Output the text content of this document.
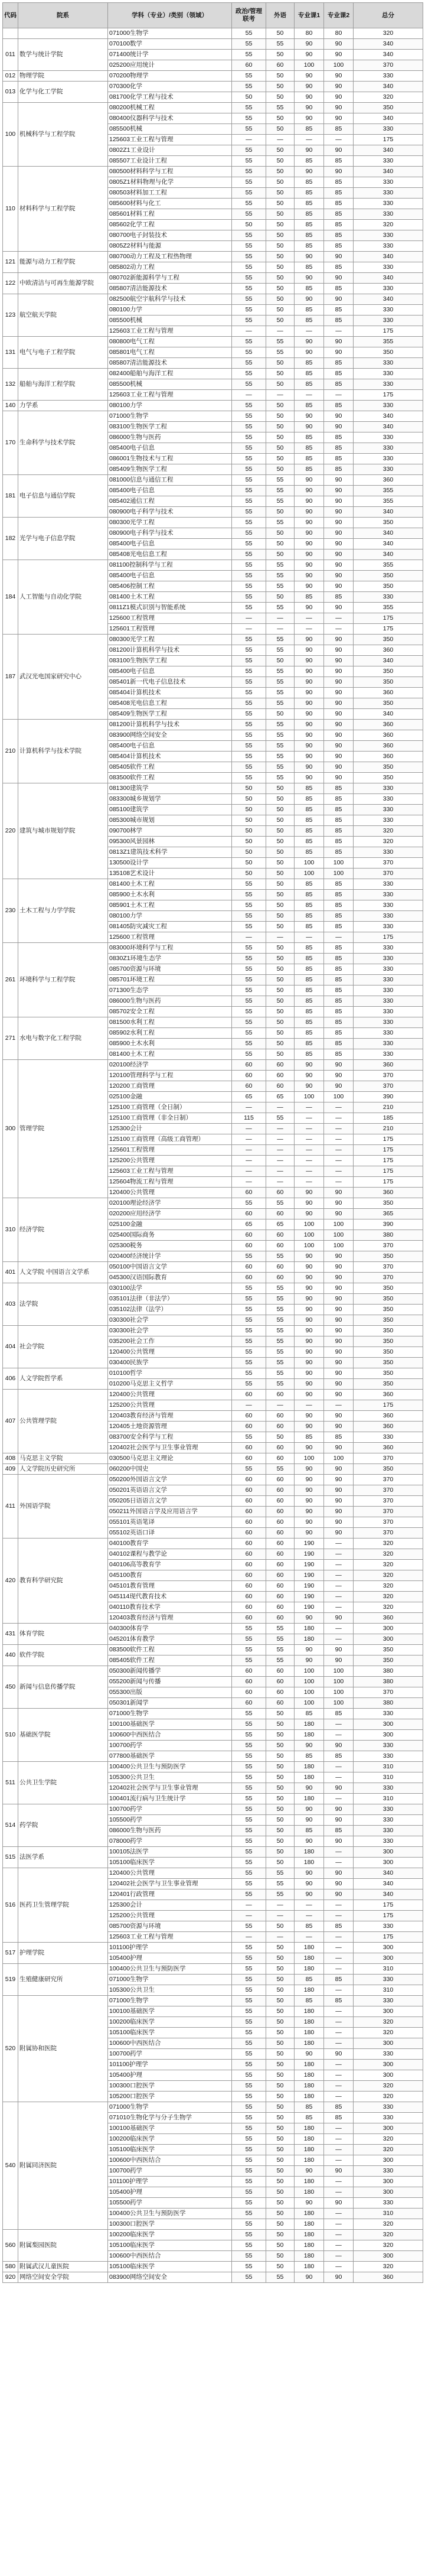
代码	院系	学科（专业）/类别（领域）	政治/管理联考	外语	专业课1	专业课2	总分
		071000生物学	55	50	80	80	320
011	数学与统计学院	070100数学	55	55	90	90	340
		071400统计学	55	50	90	90	340
		025200应用统计	60	60	100	100	370
012	物理学院	070200物理学	55	50	90	90	330
013	化学与化工学院	070300化学	55	50	90	90	340
		081700化学工程与技术	50	50	90	90	320
100	机械科学与工程学院	080200机械工程	55	55	90	90	350
		080400仪器科学与技术	55	50	90	90	340
		085500机械	55	50	85	85	330
		125603工业工程与管理	—	—	—	—	175
		0802Z1工业设计	55	50	90	90	340
		085507工业设计工程	55	50	85	85	330
110	材料科学与工程学院	080500材料科学与工程	55	50	90	90	340
		0805Z1材料物理与化学	55	50	85	85	330
		080503材料加工工程	55	50	85	85	330
		085600材料与化工	55	50	85	85	330
		085601材料工程	55	50	85	85	330
		085602化学工程	50	50	85	85	320
		080700电子封装技术	55	50	85	85	330
		0805Z2材料与能源	55	50	85	85	330
121	能源与动力工程学院	080700动力工程及工程热物理	55	50	90	90	340
		085802动力工程	55	50	85	85	330
122	中欧清洁与可再生能源学院	080702新能源科学与工程	55	50	90	90	340
		085807清洁能源技术	55	50	85	85	330
123	航空航天学院	082500航空宇航科学与技术	55	50	90	90	340
		080100力学	55	50	85	85	330
		085500机械	55	50	85	85	330
		125603工业工程与管理	—	—	—	—	175
131	电气与电子工程学院	080800电气工程	55	55	90	90	355
		085801电气工程	55	55	90	90	350
		085807清洁能源技术	55	50	85	85	330
132	船舶与海洋工程学院	082400船舶与海洋工程	55	50	85	85	330
		085500机械	55	50	85	85	330
		125603工业工程与管理	—	—	—	—	175
140	力学系	080100力学	55	50	85	85	330
170	生命科学与技术学院	071000生物学	55	50	90	90	340
		083100生物医学工程	55	50	90	90	340
		086000生物与医药	55	50	85	85	330
		085400电子信息	55	50	85	85	330
		086001生物技术与工程	55	50	85	85	330
		085409生物医学工程	55	50	85	85	330
181	电子信息与通信学院	081000信息与通信工程	55	55	90	90	360
		085400电子信息	55	55	90	90	355
		085402通信工程	55	55	90	90	355
		080900电子科学与技术	55	50	90	90	340
182	光学与电子信息学院	080300光学工程	55	55	90	90	350
		080900电子科学与技术	55	50	90	90	340
		085400电子信息	55	50	90	90	340
		085408光电信息工程	55	50	90	90	340
184	人工智能与自动化学院	081100控制科学与工程	55	55	90	90	355
		085400电子信息	55	55	90	90	350
		085406控制工程	55	55	90	90	350
		081400土木工程	55	50	85	85	330
		0811Z1模式识别与智能系统	55	55	90	90	355
		125600工程管理	—	—	—	—	175
		125601工程管理	—	—	—	—	175
187	武汉光电国家研究中心	080300光学工程	55	55	90	90	350
		081200计算机科学与技术	55	55	90	90	360
		083100生物医学工程	55	50	90	90	340
		085400电子信息	55	55	90	90	350
		085401新一代电子信息技术	55	55	90	90	350
		085404计算机技术	55	55	90	90	360
		085408光电信息工程	55	55	90	90	350
		085409生物医学工程	55	50	90	90	340
210	计算机科学与技术学院	081200计算机科学与技术	55	55	90	90	360
		083900网络空间安全	55	55	90	90	360
		085400电子信息	55	55	90	90	360
		085404计算机技术	55	55	90	90	360
		085405软件工程	55	55	90	90	350
		083500软件工程	55	55	90	90	350
220	建筑与城市规划学院	081300建筑学	50	50	85	85	330
		083300城乡规划学	50	50	85	85	330
		085100建筑学	50	50	85	85	330
		085300城市规划	50	50	85	85	330
		090700林学	50	50	85	85	320
		095300风景园林	50	50	85	85	320
		0813Z1建筑技术科学	50	50	85	85	330
		130500设计学	50	50	100	100	370
		135108艺术设计	50	50	100	100	370
230	土木工程与力学学院	081400土木工程	55	50	85	85	330
		085900土木水利	55	50	85	85	330
		085901土木工程	55	50	85	85	330
		080100力学	55	50	85	85	330
		081405防灾减灾工程	55	50	85	85	330
		125600工程管理	—	—	—	—	175
261	环境科学与工程学院	083000环境科学与工程	55	50	85	85	330
		0830Z1环境生态学	55	50	85	85	330
		085700资源与环境	55	50	85	85	330
		085701环境工程	55	50	85	85	330
		071300生态学	55	50	85	85	330
		086000生物与医药	55	50	85	85	330
		085702安全工程	55	50	85	85	330
271	水电与数字化工程学院	081500水利工程	55	50	85	85	330
		085902水利工程	55	50	85	85	330
		085900土木水利	55	50	85	85	330
		081400土木工程	55	50	85	85	330
300	管理学院	020100经济学	60	60	90	90	360
		120100管理科学与工程	60	60	90	90	370
		120200工商管理	60	60	90	90	370
		025100金融	65	65	100	100	390
		125100工商管理（全日制）	—	—	—	—	210
		125100工商管理（非全日制）	115	55	—	—	185
		125300会计	—	—	—	—	210
		125100工商管理（高级工商管理）	—	—	—	—	175
		125601工程管理	—	—	—	—	175
		125200公共管理	—	—	—	—	175
		125603工业工程与管理	—	—	—	—	175
		125604物流工程与管理	—	—	—	—	175
		120400公共管理	60	60	90	90	360
310	经济学院	020100理论经济学	55	55	90	90	350
		020200应用经济学	60	60	90	90	365
		025100金融	65	65	100	100	390
		025400国际商务	60	60	100	100	380
		025300税务	60	60	100	100	370
		020400经济统计学	55	55	90	90	350
401	人文学院 中国语言文学系	050100中国语言文学	60	60	90	90	370
		045300汉语国际教育	60	60	90	90	370
403	法学院	030100法学	55	55	90	90	350
		035101法律（非法学）	55	55	90	90	350
		035102法律（法学）	55	55	90	90	350
		030300社会学	55	55	90	90	350
404	社会学院	030300社会学	55	55	90	90	350
		035200社会工作	55	55	90	90	350
		120400公共管理	55	55	90	90	350
		030400民族学	55	55	90	90	350
406	人文学院哲学系	010100哲学	55	55	90	90	350
		010200马克思主义哲学	55	55	90	90	350
407	公共管理学院	120400公共管理	60	60	90	90	360
		125200公共管理	—	—	—	—	175
		120403教育经济与管理	60	60	90	90	360
		120405土地资源管理	60	60	90	90	360
		083700安全科学与工程	55	50	85	85	330
		120402社会医学与卫生事业管理	60	60	90	90	360
408	马克思主义学院	030500马克思主义理论	60	60	100	100	370
409	人文学院历史研究所	060200中国史	55	55	90	90	350
411	外国语学院	050200外国语言文学	60	60	90	90	370
		050201英语语言文学	60	60	90	90	370
		050205日语语言文学	60	60	90	90	370
		050211外国语言学及应用语言学	60	60	90	90	370
		055101英语笔译	60	60	90	90	370
		055102英语口译	60	60	90	90	370
420	教育科学研究院	040100教育学	60	60	190	—	320
		040102课程与教学论	60	60	190	—	320
		040106高等教育学	60	60	190	—	320
		045100教育	60	60	190	—	320
		045101教育管理	60	60	190	—	320
		045114现代教育技术	60	60	190	—	320
		040110教育技术学	60	60	190	—	320
		120403教育经济与管理	60	60	90	90	360
431	体育学院	040300体育学	55	55	180	—	300
		045201体育教学	55	55	180	—	300
440	软件学院	083500软件工程	55	55	90	90	350
		085405软件工程	55	55	90	90	350
450	新闻与信息传播学院	050300新闻传播学	60	60	100	100	380
		055200新闻与传播	60	60	100	100	380
		055300出版	60	60	100	100	370
		050301新闻学	60	60	100	100	380
510	基础医学院	071000生物学	55	50	85	85	330
		100100基础医学	55	50	180	—	300
		100600中西医结合	55	50	180	—	300
		100700药学	55	50	90	90	330
		077800基础医学	55	50	85	85	330
511	公共卫生学院	100400公共卫生与预防医学	55	50	180	—	310
		105300公共卫生	55	50	180	—	310
		120402社会医学与卫生事业管理	55	50	90	90	330
		100401流行病与卫生统计学	55	50	180	—	310
514	药学院	100700药学	55	50	90	90	330
		105500药学	55	50	90	90	330
		086000生物与医药	55	50	85	85	330
		078000药学	55	50	90	90	330
515	法医学系	100105法医学	55	50	180	—	300
		105100临床医学	55	50	180	—	300
516	医药卫生管理学院	120400公共管理	55	55	90	90	340
		120402社会医学与卫生事业管理	55	55	90	90	340
		120401行政管理	55	55	90	90	340
		125300会计	—	—	—	—	175
		125200公共管理	—	—	—	—	175
		085700资源与环境	55	50	85	85	330
		125603工业工程与管理	—	—	—	—	175
517	护理学院	101100护理学	55	50	180	—	300
		105400护理	55	50	180	—	300
519	生殖健康研究所	100400公共卫生与预防医学	55	50	180	—	310
		071000生物学	55	50	85	85	330
		105300公共卫生	55	50	180	—	310
520	附属协和医院	071000生物学	55	50	85	85	330
		100100基础医学	55	50	180	—	300
		100200临床医学	55	50	180	—	320
		105100临床医学	55	50	180	—	320
		100600中西医结合	55	50	180	—	300
		100700药学	55	50	90	90	330
		101100护理学	55	50	180	—	300
		105400护理	55	50	180	—	300
		100300口腔医学	55	50	180	—	320
		105200口腔医学	55	50	180	—	320
540	附属同济医院	071000生物学	55	50	85	85	330
		071010生物化学与分子生物学	55	50	85	85	330
		100100基础医学	55	50	180	—	300
		100200临床医学	55	50	180	—	320
		105100临床医学	55	50	180	—	320
		100600中西医结合	55	50	180	—	300
		100700药学	55	50	90	90	330
		101100护理学	55	50	180	—	300
		105400护理	55	50	180	—	300
		105500药学	55	50	90	90	330
		100400公共卫生与预防医学	55	50	180	—	310
		100300口腔医学	55	50	180	—	320
560	附属梨园医院	100200临床医学	55	50	180	—	320
		105100临床医学	55	50	180	—	320
		100600中西医结合	55	50	180	—	300
580	附属武汉儿童医院	105100临床医学	55	50	180	—	320
920	网络空间安全学院	083900网络空间安全	55	55	90	90	360
